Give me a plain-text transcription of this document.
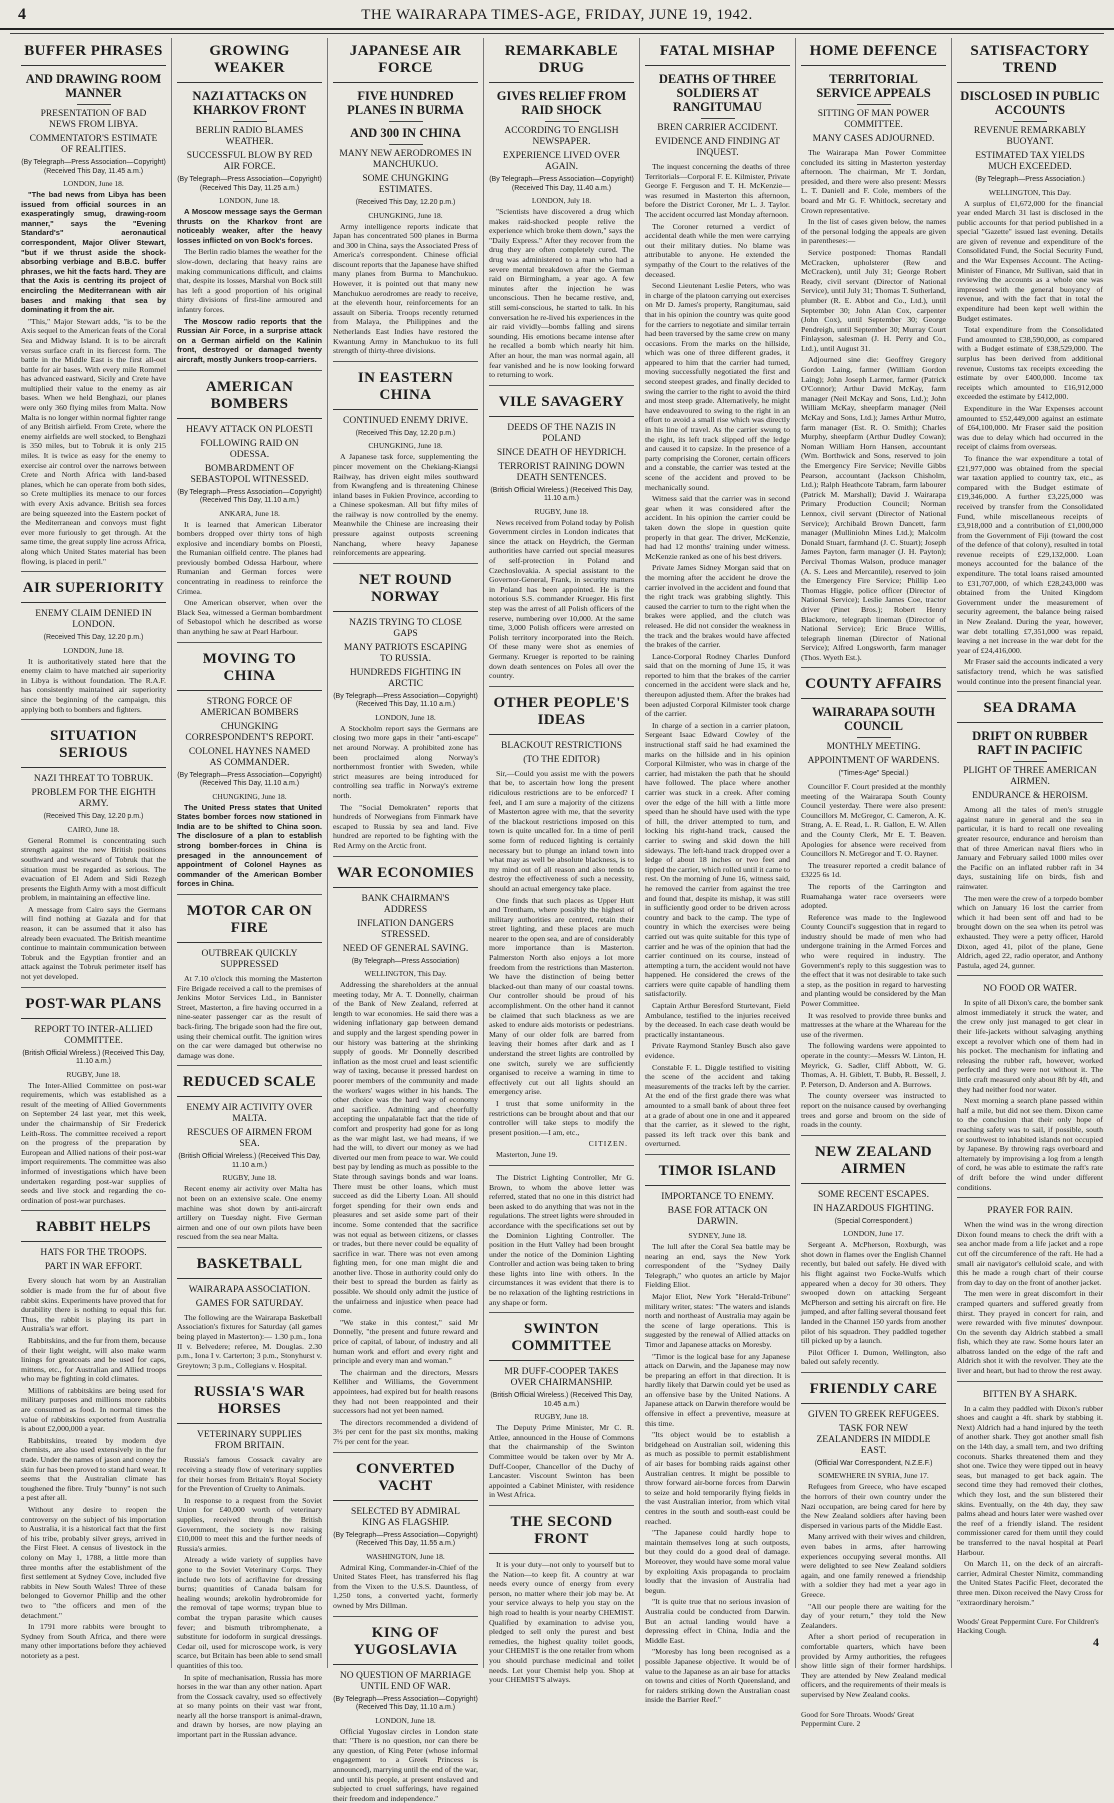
4	THE WAIRARAPA TIMES-AGE, FRIDAY, JUNE 19, 1942.
BUFFER PHRASES
AND DRAWING ROOM MANNER
PRESENTATION OF BAD NEWS FROM LIBYA.
COMMENTATOR'S ESTIMATE OF REALITIES.
(By Telegraph—Press Association—Copyright) (Received This Day, 11.45 a.m.)
LONDON, June 18.

"The bad news from Libya has been issued from official sources in an exasperatingly smug, drawing-room manner," says the "Evening Standard's" aeronautical correspondent, Major Oliver Stewart, "but if we thrust aside the shock-absorbing verbiage and B.B.C. buffer phrases, we hit the facts hard. They are that the Axis is centring its project of encircling the Mediterranean with air bases and making that sea by dominating it from the air.

"This," Major Stewart adds, "is to be the Axis sequel to the American feats of the Coral Sea and Midway Island. It is to be aircraft versus surface craft in its fiercest form. The battle in the Middle East is the first all-out battle for air bases. With every mile Rommel has advanced eastward, Sicily and Crete have multiplied their value to the enemy as air bases. When we held Benghazi, our planes were only 360 flying miles from Malta. Now Malta is no longer within normal fighter range of any British airfield. From Crete, where the enemy airfields are well stocked, to Benghazi is 350 miles, but to Tobruk it is only 215 miles. It is twice as easy for the enemy to exercise air control over the narrows between Crete and North Africa with land-based planes, which he can operate from both sides, so Crete multiplies its menace to our forces with every Axis advance. British sea forces are being squeezed into the Eastern pocket of the Mediterranean and convoys must fight ever more furiously to get through. At the same time, the great supply line across Africa, along which United States material has been flowing, is placed in peril."

AIR SUPERIORITY
ENEMY CLAIM DENIED IN LONDON.
(Received This Day, 12.20 p.m.)
LONDON, June 18.

It is authoritatively stated here that the enemy claim to have matched air superiority in Libya is without foundation. The R.A.F. has consistently maintained air superiority since the beginning of the campaign, this applying both to bombers and fighters.

SITUATION SERIOUS
NAZI THREAT TO TOBRUK.
PROBLEM FOR THE EIGHTH ARMY.
(Received This Day, 12.20 p.m.)
CAIRO, June 18.

General Rommel is concentrating such strength against the new British positions southward and westward of Tobruk that the situation must be regarded as serious. The evacuation of El Adem and Sidi Rezegh presents the Eighth Army with a most difficult problem, in maintaining an effective line.

A message from Cairo says the Germans will find nothing at Gazala and for that reason, it can be assumed that it also has already been evacuated. The British meantime continue to maintain communication between Tobruk and the Egyptian frontier and an attack against the Tobruk perimeter itself has not yet developed.

POST-WAR PLANS
REPORT TO INTER-ALLIED COMMITTEE.
(British Official Wireless.) (Received This Day, 11.10 a.m.)
RUGBY, June 18.

The Inter-Allied Committee on post-war requirements, which was established as a result of the meeting of Allied Governments on September 24 last year, met this week, under the chairmanship of Sir Frederick Leith-Ross. The committee received a report on the progress of the preparation by European and Allied nations of their post-war import requirements. The committee was also informed of investigations which have been undertaken regarding post-war supplies of seeds and live stock and regarding the co-ordination of post-war purchases.

RABBIT HELPS
HATS FOR THE TROOPS.
PART IN WAR EFFORT.

Every slouch hat worn by an Australian soldier is made from the fur of about five rabbit skins. Experiments have proved that for durability there is nothing to equal this fur. Thus, the rabbit is playing its part in Australia's war effort.

Rabbitskins, and the fur from them, because of their light weight, will also make warm linings for greatcoats and be used for caps, mittens, etc., for Australian and Allied troops who may be fighting in cold climates.

Millions of rabbitskins are being used for military purposes and millions more rabbits are consumed as food. In normal times the value of rabbitskins exported from Australia is about £2,000,000 a year.

Rabbitskins, treated by modern dye chemists, are also used extensively in the fur trade. Under the names of jason and coney the skin fur has been proved to stand hard wear. It seems that the Australian climate has toughened the fibre. Truly "bunny" is not such a pest after all.

Without any desire to reopen the controversy on the subject of his importation to Australia, it is a historical fact that the first of his tribe, probably silver greys, arrived in the First Fleet. A census of livestock in the colony on May 1, 1788, a little more than three months after the establishment of the first settlement at Sydney Cove, included five rabbits in New South Wales! Three of these belonged to Governor Phillip and the other two to "the officers and men of the detachment."

In 1791 more rabbits were brought to Sydney from South Africa, and there were many other importations before they achieved notoriety as a pest.

GROWING WEAKER
NAZI ATTACKS ON KHARKOV FRONT
BERLIN RADIO BLAMES WEATHER.
SUCCESSFUL BLOW BY RED AIR FORCE.
(By Telegraph—Press Association—Copyright) (Received This Day, 11.25 a.m.)
LONDON, June 18.

A Moscow message says the German thrusts on the Kharkov front are noticeably weaker, after the heavy losses inflicted on von Bock's forces.

The Berlin radio blames the weather for the slow-down, declaring that heavy rains are making communications difficult, and claims that, despite its losses, Marshal von Bock still has left a good proportion of his original thirty divisions of first-line armoured and infantry forces.

The Moscow radio reports that the Russian Air Force, in a surprise attack on a German airfield on the Kalinin front, destroyed or damaged twenty aircraft, mostly Junkers troop-carriers.

AMERICAN BOMBERS
HEAVY ATTACK ON PLOESTI
FOLLOWING RAID ON ODESSA.
BOMBARDMENT OF SEBASTOPOL WITNESSED.
(By Telegraph—Press Association—Copyright) (Received This Day, 11.10 a.m.)
ANKARA, June 18.

It is learned that American Liberator bombers dropped over thirty tons of high explosive and incendiary bombs on Ploesti, the Rumanian oilfield centre. The planes had previously bombed Odessa Harbour, where Rumanian and German forces were concentrating in readiness to reinforce the Crimea.

One American observer, when over the Black Sea, witnessed a German bombardment of Sebastopol which he described as worse than anything he saw at Pearl Harbour.

MOVING TO CHINA
STRONG FORCE OF AMERICAN BOMBERS
CHUNGKING CORRESPONDENT'S REPORT.
COLONEL HAYNES NAMED AS COMMANDER.
(By Telegraph—Press Association—Copyright) (Received This Day, 11.10 a.m.)
CHUNGKING, June 18.

The United Press states that United States bomber forces now stationed in India are to be shifted to China soon. The disclosure of a plan to establish strong bomber-forces in China is presaged in the announcement of appointment of Colonel Haynes as commander of the American Bomber forces in China.

MOTOR CAR ON FIRE
OUTBREAK QUICKLY SUPPRESSED

At 7.10 o'clock this morning the Masterton Fire Brigade received a call to the premises of Jenkins Motor Services Ltd., in Bannister Street, Masterton, a fire having occurred in a nine-seater passenger car as the result of back-firing. The brigade soon had the fire out, using their chemical outfit. The ignition wires on the car were damaged but otherwise no damage was done.

REDUCED SCALE
ENEMY AIR ACTIVITY OVER MALTA.
RESCUES OF AIRMEN FROM SEA.
(British Official Wireless.) (Received This Day, 11.10 a.m.)
RUGBY, June 18.

Recent enemy air activity over Malta has not been on an extensive scale. One enemy machine was shot down by anti-aircraft artillery on Tuesday night. Five German airmen and one of our own pilots have been rescued from the sea near Malta.

BASKETBALL
WAIRARAPA ASSOCIATION.
GAMES FOR SATURDAY.

The following are the Wairarapa Basketball Association's fixtures for Saturday (all games being played in Masterton):— 1.30 p.m., Iona II v. Belvedere; referee, M. Douglas. 2.30 p.m., Iona I v. Carterton; 3 p.m., Stonyhurst v. Greytown; 3 p.m., Collegians v. Hospital.

RUSSIA'S WAR HORSES
VETERINARY SUPPLIES FROM BRITAIN.

Russia's famous Cossack cavalry are receiving a steady flow of veterinary supplies for their horses from Britain's Royal Society for the Prevention of Cruelty to Animals.

In response to a request from the Soviet Union for £40,000 worth of veterinary supplies, received through the British Government, the society is now raising £10,000 to meet this and the further needs of Russia's armies.

Already a wide variety of supplies have gone to the Soviet Veterinary Corps. They include two lots of acriflavine for dressing burns; quantities of Canada balsam for healing wounds; arekolin hydrobromide for the removal of tape worms; trypan blue to combat the trypan parasite which causes fever; and bismuth tribromphenate, a substitute for iodoform in surgical dressings. Cedar oil, used for microscope work, is very scarce, but Britain has been able to send small quantities of this too.

In spite of mechanisation, Russia has more horses in the war than any other nation. Apart from the Cossack cavalry, used so effectively at so many points on their vast war front, nearly all the horse transport is animal-drawn, and drawn by horses, are now playing an important part in the Russian advance.

JAPANESE AIR FORCE
FIVE HUNDRED PLANES IN BURMA
AND 300 IN CHINA
MANY NEW AERODROMES IN MANCHUKUO.
SOME CHUNGKING ESTIMATES.
(Received This Day, 12.20 p.m.)
CHUNGKING, June 18.

Army intelligence reports indicate that Japan has concentrated 500 planes in Burma and 300 in China, says the Associated Press of America's correspondent. Chinese official discount reports that the Japanese have shifted many planes from Burma to Manchukuo. However, it is pointed out that many new Manchukuo aerodromes are ready to receive, at the eleventh hour, reinforcements for an assault on Siberia. Troops recently returned from Malaya, the Philippines and the Netherlands East Indies have restored the Kwantung Army in Manchukuo to its full strength of thirty-three divisions.

IN EASTERN CHINA
CONTINUED ENEMY DRIVE.
(Received This Day, 12.20 p.m.)
CHUNGKING, June 18.

A Japanese task force, supplementing the pincer movement on the Chekiang-Kiangsi Railway, has driven eight miles southward from Kwangfeng and is threatening Chinese inland bases in Fukien Province, according to a Chinese spokesman. All but fifty miles of the railway is now controlled by the enemy. Meanwhile the Chinese are increasing their pressure against outposts screening Nanchang, where heavy Japanese reinforcements are appearing.

NET ROUND NORWAY
NAZIS TRYING TO CLOSE GAPS
MANY PATRIOTS ESCAPING TO RUSSIA.
HUNDREDS FIGHTING IN ARCTIC
(By Telegraph—Press Association—Copyright) (Received This Day, 11.10 a.m.)
LONDON, June 18.

A Stockholm report says the Germans are closing two more gaps in their "anti-escape" net around Norway. A prohibited zone has been proclaimed along Norway's northernmost frontier with Sweden, while strict measures are being introduced for controlling sea traffic in Norway's extreme north.

The "Social Demokraten" reports that hundreds of Norwegians from Finmark have escaped to Russia by sea and land. Five hundred are reported to be fighting with the Red Army on the Arctic front.

WAR ECONOMIES
BANK CHAIRMAN'S ADDRESS
INFLATION DANGERS STRESSED.
NEED OF GENERAL SAVING.
(By Telegraph—Press Association)
WELLINGTON, This Day.

Addressing the shareholders at the annual meeting today, Mr A. T. Donnelly, chairman of the Bank of New Zealand, referred at length to war economies. He said there was a widening inflationary gap between demand and supply and the largest spending power in our history was battering at the shrinking supply of goods. Mr Donnelly described inflation as the most cruel and least scientific way of taxing, because it pressed hardest on poorer members of the community and made the workers' wages wither in his hands. The other choice was the hard way of economy and sacrifice. Admitting and cheerfully accepting the unpalatable fact that the tide of comfort and prosperity had gone for as long as the war might last, we had means, if we had the will, to divert our money as we had diverted our men from peace to war. We could best pay by lending as much as possible to the State through savings bonds and war loans. There must be other loans, which must succeed as did the Liberty Loan. All should forget spending for their own ends and pleasures and set aside some part of their income. Some contended that the sacrifice was not equal as between citizens, or classes or trades, but there never could be equality of sacrifice in war. There was not even among fighting men, for one man might die and another live. Those in authority could only do their best to spread the burden as fairly as possible. We should only admit the justice of the unfairness and injustice when peace had come.

"We stake in this contest," said Mr Donnelly, "the present and future reward and price of capital, of labour, of industry and all human work and effort and every right and principle and every man and woman."

The chairman and the directors, Messrs Kelliher and Williams, the Government appointees, had expired but for health reasons they had not been reappointed and their successors had not yet been named.

The directors recommended a dividend of 3½ per cent for the past six months, making 7½ per cent for the year.

CONVERTED VACHT
SELECTED BY ADMIRAL KING AS FLAGSHIP.
(By Telegraph—Press Association—Copyright) (Received This Day, 11.55 a.m.)
WASHINGTON, June 18.

Admiral King, Commander-in-Chief of the United States Fleet, has transferred his flag from the Vixen to the U.S.S. Dauntless, of 1,250 tons, a converted yacht, formerly owned by Mrs Dillman.

KING OF YUGOSLAVIA
NO QUESTION OF MARRIAGE UNTIL END OF WAR.
(By Telegraph—Press Association—Copyright) (Received This Day, 11.10 a.m.)
LONDON, June 18.

Official Yugoslav circles in London state that: "There is no question, nor can there be any question, of King Peter (whose informal engagement to a Greek Princess is announced), marrying until the end of the war, and until his people, at present enslaved and subjected to cruel sufferings, have regained their freedom and independence."

REMARKABLE DRUG
GIVES RELIEF FROM RAID SHOCK
ACCORDING TO ENGLISH NEWSPAPER.
EXPERIENCE LIVED OVER AGAIN.
(By Telegraph—Press Association—Copyright) (Received This Day, 11.40 a.m.)
LONDON, July 18.

"Scientists have discovered a drug which makes raid-shocked people relive the experience which broke them down," says the "Daily Express." After they recover from the drug they are often completely cured. The drug was administered to a man who had a severe mental breakdown after the German raid on Birmingham, a year ago. A few minutes after the injection he was unconscious. Then he became restive, and, still semi-conscious, he started to talk. In his conversation he re-lived his experiences in the air raid vividly—bombs falling and sirens sounding. His emotions became intense after he recalled a bomb which nearly hit him. After an hour, the man was normal again, all fear vanished and he is now looking forward to returning to work.

VILE SAVAGERY
DEEDS OF THE NAZIS IN POLAND
SINCE DEATH OF HEYDRICH.
TERRORIST RAINING DOWN DEATH SENTENCES.
(British Official Wireless.) (Received This Day, 11.10 a.m.)
RUGBY, June 18.

News received from Poland today by Polish Government circles in London indicates that since the attack on Heydrich, the German authorities have carried out special measures of self-protection in Poland and Czechoslovakia. A special assistant to the Governor-General, Frank, in security matters in Poland has been appointed. He is the notorious S.S. commander Krueger. His first step was the arrest of all Polish officers of the reserve, numbering over 10,000. At the same time, 3,000 Polish officers were arrested on Polish territory incorporated into the Reich. Of these many were shot as enemies of Germany. Krueger is reported to be raining down death sentences on Poles all over the country.

OTHER PEOPLE'S IDEAS
BLACKOUT RESTRICTIONS
(TO THE EDITOR)

Sir,—Could you assist me with the powers that be, to ascertain how long the present ridiculous restrictions are to be enforced? I feel, and I am sure a majority of the citizens of Masterton agree with me, that the severity of the blackout restrictions imposed on this town is quite uncalled for. In a time of peril some form of reduced lighting is certainly necessary but to plunge an inland town into what may as well be absolute blackness, is to my mind out of all reason and also tends to destroy the effectiveness of such a necessity, should an actual emergency take place.

One finds that such places as Upper Hutt and Trentham, where possibly the highest of military authorities are centred, retain their street lighting, and these places are much nearer to the open sea, and are of considerably more importance than is Masterton. Palmerston North also enjoys a lot more freedom from the restrictions than Masterton. We have the distinction of being better blacked-out than many of our coastal towns. Our controller should be proud of his accomplishment. On the other hand it cannot be claimed that such blackness as we are asked to endure aids motorists or pedestrians. Many of our older folk are barred from leaving their homes after dark and as I understand the street lights are controlled by one switch, surely we are sufficiently organised to receive a warning in time to effectively cut out all lights should an emergency arise.

I trust that some uniformity in the restrictions can be brought about and that our controller will take steps to modify the present position.—I am, etc.,

CITIZEN.

Masterton, June 19.

The District Lighting Controller, Mr G. Brown, to whom the above letter was referred, stated that no one in this district had been asked to do anything that was not in the regulations. The street lights were shrouded in accordance with the specifications set out by the Dominion Lighting Controller. The position in the Hutt Valley had been brought under the notice of the Dominion Lighting Controller and action was being taken to bring these lights into line with others. In the circumstances it was evident that there is to be no relaxation of the lighting restrictions in any shape or form.

SWINTON COMMITTEE
MR DUFF-COOPER TAKES OVER CHAIRMANSHIP.
(British Official Wireless.) (Received This Day, 10.45 a.m.)
RUGBY, June 18.

The Deputy Prime Minister, Mr C. R. Attlee, announced in the House of Commons that the chairmanship of the Swinton Committee would be taken over by Mr A. Duff-Cooper, Chancellor of the Duchy of Lancaster. Viscount Swinton has been appointed a Cabinet Minister, with residence in West Africa.

THE SECOND FRONT

It is your duty—not only to yourself but to the Nation—to keep fit. A country at war needs every ounce of energy from every person, no matter where their job may be. At your service always to help you stay on the high road to health is your nearby CHEMIST. Qualified by examination to advise you, pledged to sell only the purest and best remedies, the highest quality toilet goods, your CHEMIST is the one retailer from whom you should purchase medicinal and toilet needs. Let your Chemist help you. Shop at your CHEMIST'S always.

FATAL MISHAP
DEATHS OF THREE SOLDIERS AT RANGITUMAU
BREN CARRIER ACCIDENT.
EVIDENCE AND FINDING AT INQUEST.

The inquest concerning the deaths of three Territorials—Corporal F. E. Kilmister, Private George F. Ferguson and T. H. McKenzie—was resumed in Masterton this afternoon, before the District Coroner, Mr L. J. Taylor. The accident occurred last Monday afternoon.

The Coroner returned a verdict of accidental death while the men were carrying out their military duties. No blame was attributable to anyone. He extended the sympathy of the Court to the relatives of the deceased.

Second Lieutenant Leslie Peters, who was in charge of the platoon carrying out exercises on Mr D. James's property, Rangitumau, said that in his opinion the country was quite good for the carriers to negotiate and similar terrain had been traversed by the same crew on many occasions. From the marks on the hillside, which was one of three different grades, it appeared to him that the carrier had turned, moving successfully negotiated the first and second steepest grades, and finally decided to swing the carrier to the right to avoid the third and most steep grade. Alternatively, he might have endeavoured to swing to the right in an effort to avoid a small rise which was directly in his line of travel. As the carrier swung to the right, its left track slipped off the ledge and caused it to capsize. In the presence of a party comprising the Coroner, certain officers and a constable, the carrier was tested at the scene of the accident and proved to be mechanically sound.

Witness said that the carrier was in second gear when it was considered after the accident. In his opinion the carrier could be taken down the slope in question quite properly in that gear. The driver, McKenzie, had had 12 months' training under witness. McKenzie ranked as one of his best drivers.

Private James Sidney Morgan said that on the morning after the accident he drove the carrier involved in the accident and found that the right track was grabbing slightly. This caused the carrier to turn to the right when the brakes were applied, and the clutch was released. He did not consider the weakness in the track and the brakes would have affected the brakes of the carrier.

Lance-Corporal Rodney Charles Dunford said that on the morning of June 15, it was reported to him that the brakes of the carrier concerned in the accident were slack and he, thereupon adjusted them. After the brakes had been adjusted Corporal Kilmister took charge of the carrier.

In charge of a section in a carrier platoon, Sergeant Isaac Edward Cowley of the instructional staff said he had examined the marks on the hillside and in his opinion Corporal Kilmister, who was in charge of the carrier, had mistaken the path that he should have followed. The place where another carrier was stuck in a creek. After coming over the edge of the hill with a little more speed than he should have used with the type of hill, the driver attempted to turn, and locking his right-hand track, caused the carrier to swing and skid down the hill sideways. The left-hand track dropped over a ledge of about 18 inches or two feet and tipped the carrier, which rolled until it came to rest. On the morning of June 16, witness said, he removed the carrier from against the tree and found that, despite its mishap, it was still in sufficiently good order to be driven across country and back to the camp. The type of country in which the exercises were being carried out was quite suitable for this type of carrier and he was of the opinion that had the carrier continued on its course, instead of attempting a turn, the accident would not have happened. He considered the crews of the carriers were quite capable of handling them satisfactorily.

Captain Arthur Beresford Sturtevant, Field Ambulance, testified to the injuries received by the deceased. In each case death would be practically instantaneous.

Private Raymond Stanley Busch also gave evidence.

Constable F. L. Diggle testified to visiting the scene of the accident and taking measurements of the tracks left by the carrier. At the end of the first grade there was what amounted to a small bank of about three feet at a grade of about one in one and it appeared that the carrier, as it slewed to the right, passed its left track over this bank and overturned.

TIMOR ISLAND
IMPORTANCE TO ENEMY.
BASE FOR ATTACK ON DARWIN.
SYDNEY, June 18.

The lull after the Coral Sea battle may be nearing an end, says the New York correspondent of the "Sydney Daily Telegraph," who quotes an article by Major Fielding Eliot.

Major Eliot, New York "Herald-Tribune" military writer, states: "The waters and islands north and northeast of Australia may again be the scene of large operations. This is suggested by the renewal of Allied attacks on Timor and Japanese attacks on Moresby.

"Timor is the logical base for any Japanese attack on Darwin, and the Japanese may now be preparing an effort in that direction. It is hardly likely that Darwin could yet be used as an offensive base by the United Nations. A Japanese attack on Darwin therefore would be offensive in effect a preventive, measure at this time.

"Its object would be to establish a bridgehead on Australian soil, widening this as much as possible to permit establishment of air bases for bombing raids against other Australian centres. It might be possible to throw forward air-borne forces from Darwin to seize and hold temporarily flying fields in the vast Australian interior, from which vital centres in the south and south-east could be reached.

"The Japanese could hardly hope to maintain themselves long at such outposts, but they could do a good deal of damage. Moreover, they would have some moral value by exploiting Axis propaganda to proclaim loudly that the invasion of Australia had begun.

"It is quite true that no serious invasion of Australia could be conducted from Darwin. But an actual landing would have a depressing effect in China, India and the Middle East.

"Moresby has long been recognised as a possible Japanese objective. It would be of value to the Japanese as an air base for attacks on towns and cities of North Queensland, and for raiders striking down the Australian coast inside the Barrier Reef."

HOME DEFENCE
TERRITORIAL SERVICE APPEALS
SITTING OF MAN POWER COMMITTEE.
MANY CASES ADJOURNED.

The Wairarapa Man Power Committee concluded its sitting in Masterton yesterday afternoon. The chairman, Mr T. Jordan, presided, and there were also present: Messrs L. T. Daniell and F. Cole, members of the board and Mr G. F. Whitlock, secretary and Crown representative.

In the list of cases given below, the names of the personal lodging the appeals are given in parentheses:—

Service postponed: Thomas Randall McCracken, upholsterer (Rew and McCracken), until July 31; George Robert Ready, civil servant (Director of National Service), until July 31; Thomas T. Sutherland, plumber (R. E. Abbot and Co., Ltd.), until September 30; John Alan Cox, carpenter (John Cox), until September 30; George Pendreigh, until September 30; Murray Court Finlayson, salesman (J. H. Perry and Co., Ltd.), until August 31.

Adjourned sine die: Geoffrey Gregory Gordon Laing, farmer (William Gordon Laing); John Joseph Larmer, farmer (Patrick O'Connor); Arthur David McKay, farm manager (Neil McKay and Sons, Ltd.); John William McKay, sheepfarm manager (Neil McKay and Sons, Ltd.); James Arthur Mutro, farm manager (Est. R. O. Smith); Charles Murphy, sheepfarm (Arthur Dudley Cowan); Noman William Horn Hansen, accountant (Wm. Borthwick and Sons, reserved to join the Emergency Fire Service; Neville Gibbs Pearson, accountant (Jackson Chisholm, Ltd.); Ralph Heathcote Tabram, farm labourer (Patrick M. Marshall); David J. Wairarapa Primary Production Council; Norman Lennox, civil servant (Director of National Service); Archibald Brown Dancett, farm manager (Mulliniohn Mines Ltd.); Malcolm Donald Stuart, farmhand (J. C. Stuart); Joseph James Payton, farm manager (J. H. Payton); Percival Thomas Walson, produce manager (A. S. Lees and Mercantile), reserved to join the Emergency Fire Service; Phillip Leo Thomas Higgie, police officer (Director of National Service); Leslie James Coe, tractor driver (Pinet Bros.); Robert Henry Blackmore, telegraph lineman (Director of National Service); Eric Bruce Willis, telegraph lineman (Director of National Service); Alfred Longsworth, farm manager (Thos. Wyeth Est.).

COUNTY AFFAIRS
WAIRARAPA SOUTH COUNCIL
MONTHLY MEETING.
APPOINTMENT OF WARDENS.
("Times-Age" Special.)

Councillor F. Court presided at the monthly meeting of the Wairarapa South County Council yesterday. There were also present: Councillors M. McGregor, C. Cameron, A. K. Strang, A. E. Read, L. R. Gallon, E. W. Allen and the County Clerk, Mr E. T. Beaven. Apologies for absence were received from Councillors N. McGregor and T. O. Rayner.

The treasurer reported a credit balance of £3225 6s 1d.

The reports of the Carrington and Ruamahanga water race overseers were adopted.

Reference was made to the Inglewood County Council's suggestion that in regard to industry should be made of men who had undergone training in the Armed Forces and who were required in industry. The Government's reply to this suggestion was to the effect that it was not desirable to take such a step, as the position in regard to harvesting and planting would be considered by the Man Power Committee.

It was resolved to provide three bunks and mattresses at the whare at the Whareau for the use of the rivermen.

The following wardens were appointed to operate in the county:—Messrs W. Linton, H. Meyrick, G. Sadler, Cliff Abbott, W. G. Thomas, A. H. Giblett, T. Bubb, R. Bessell, J. P. Peterson, D. Anderson and A. Burrows.

The county overseer was instructed to report on the nuisance caused by overhanging trees and gorse and broom on the side of roads in the county.

NEW ZEALAND AIRMEN
SOME RECENT ESCAPES.
IN HAZARDOUS FIGHTING.
(Special Correspondent.)
LONDON, June 17.

Sergeant A. McPherson, Roxburgh, was shot down in flames over the English Channel recently, but baled out safely. He dived with his flight against two Focke-Wulfs which appeared when a decoy for 30 others. They swooped down on attacking Sergeant McPherson and setting his aircraft on fire. He jumped, and after falling several thousand feet landed in the Channel 150 yards from another pilot of his squadron. They paddled together till picked up by a launch.

Pilot Officer I. Dumon, Wellington, also baled out safely recently.

FRIENDLY CARE
GIVEN TO GREEK REFUGEES.
TASK FOR NEW ZEALANDERS IN MIDDLE EAST.
(Official War Correspondent, N.Z.E.F.)
SOMEWHERE IN SYRIA, June 17.

Refugees from Greece, who have escaped the horrors of their own country under the Nazi occupation, are being cared for here by the New Zealand soldiers after having been dispersed in various parts of the Middle East.

Many arrived with their wives and children, even babes in arms, after harrowing experiences occupying several months. All were delighted to see New Zealand soldiers again, and one family renewed a friendship with a soldier they had met a year ago in Greece.

"All our people there are waiting for the day of your return," they told the New Zealanders.

After a short period of recuperation in comfortable quarters, which have been provided by Army authorities, the refugees show little sign of their former hardships. They are attended by New Zealand medical officers, and the requirements of their meals is supervised by New Zealand cooks.

Good for Sore Throats. Woods' Great Peppermint Cure. 2
SATISFACTORY TREND
DISCLOSED IN PUBLIC ACCOUNTS
REVENUE REMARKABLY BUOYANT.
ESTIMATED TAX YIELDS MUCH EXCEEDED.
(By Telegraph—Press Association.)
WELLINGTON, This Day.

A surplus of £1,672,000 for the financial year ended March 31 last is disclosed in the public accounts for that period published in a special "Gazette" issued last evening. Details are given of revenue and expenditure of the Consolidated Fund, the Social Security Fund, and the War Expenses Account. The Acting-Minister of Finance, Mr Sullivan, said that in reviewing the accounts as a whole one was impressed with the general buoyancy of revenue, and with the fact that in total the expenditure had been kept well within the Budget estimates.

Total expenditure from the Consolidated Fund amounted to £38,590,000, as compared with a Budget estimate of £38,529,000. The surplus has been derived from additional revenue, Customs tax receipts exceeding the estimate by over £400,000. Income tax receipts which amounted to £16,912,000 exceeded the estimate by £412,000.

Expenditure in the War Expenses account amounted to £52,449,000 against an estimate of £64,100,000. Mr Fraser said the position was due to delay which had occurred in the receipt of claims from overseas.

To finance the war expenditure a total of £21,977,000 was obtained from the special war taxation applied to country tax, etc., as compared with the Budget estimate of £19,346,000. A further £3,225,000 was received by transfer from the Consolidated Fund, while miscellaneous receipts of £3,918,000 and a contribution of £1,000,000 from the Government of Fiji (toward the cost of the defence of that colony), resulted in total revenue receipts of £29,132,000. Loan moneys accounted for the balance of the expenditure. The total loans raised amounted to £31,707,000, of which £28,243,000 was obtained from the United Kingdom Government under the measurement of security agreement, the balance being raised in New Zealand. During the year, however, war debt totalling £7,351,000 was repaid, leaving a net increase in the war debt for the year of £24,416,000.

Mr Fraser said the accounts indicated a very satisfactory trend, which he was satisfied would continue into the present financial year.

SEA DRAMA
DRIFT ON RUBBER RAFT IN PACIFIC
PLIGHT OF THREE AMERICAN AIRMEN.
ENDURANCE & HEROISM.

Among all the tales of men's struggle against nature in general and the sea in particular, it is hard to recall one revealing greater resource, endurance and heroism than that of three American naval fliers who in January and February sailed 1000 miles over the Pacific on an inflated rubber raft in 34 days, sustaining life on birds, fish and rainwater.

The men were the crew of a torpedo bomber which on January 16 lost the carrier from which it had been sent off and had to be brought down on the sea when its petrol was exhausted. They were a petty officer, Harold Dixon, aged 41, pilot of the plane, Gene Aldrich, aged 22, radio operator, and Anthony Pastula, aged 24, gunner.

NO FOOD OR WATER.

In spite of all Dixon's care, the bomber sank almost immediately it struck the water, and the crew only just managed to get clear in their life-jackets without salvaging anything except a revolver which one of them had in his pocket. The mechanism for inflating and releasing the rubber raft, however, worked perfectly and they were not without it. The little craft measured only about 8ft by 4ft, and they had neither food nor water.

Next morning a search plane passed within half a mile, but did not see them. Dixon came to the conclusion that their only hope of reaching safety was to sail, if possible, south or southwest to inhabited islands not occupied by Japanese. By throwing rags overboard and alternately by improvising a log from a length of cord, he was able to estimate the raft's rate of drift before the wind under different conditions.

PRAYER FOR RAIN.

When the wind was in the wrong direction Dixon found means to check the drift with a sea anchor made from a life jacket and a rope cut off the circumference of the raft. He had a small air navigator's celluloid scale, and with this he made a rough chart of their course from day to day on the front of another jacket.

The men were in great discomfort in their cramped quarters and suffered greatly from thirst. They prayed in concert for rain, and were rewarded with five minutes' downpour. On the seventh day Aldrich stabbed a small fish, which they ate raw. Some hours later an albatross landed on the edge of the raft and Aldrich shot it with the revolver. They ate the liver and heart, but had to throw the rest away.

BITTEN BY A SHARK.

In a calm they paddled with Dixon's rubber shoes and caught a 4ft. shark by stabbing it. Next) Aldrich had a hand injured by the teeth of another shark. They got another small fish on the 14th day, a small tern, and two drifting coconuts. Sharks threatened them and they shot one. Twice they were tipped out in heavy seas, but managed to get back again. The second time they had removed their clothes, which they lost, and the sun blistered their skins. Eventually, on the 4th day, they saw palms ahead and hours later were washed over the reef of a friendly island. The resident commissioner cared for them until they could be transferred to the naval hospital at Pearl Harbour.

On March 11, on the deck of an aircraft-carrier, Admiral Chester Nimitz, commanding the United States Pacific Fleet, decorated the three men. Dixon received the Navy Cross for "extraordinary heroism."

Woods' Great Peppermint Cure. For Children's Hacking Cough.
4
